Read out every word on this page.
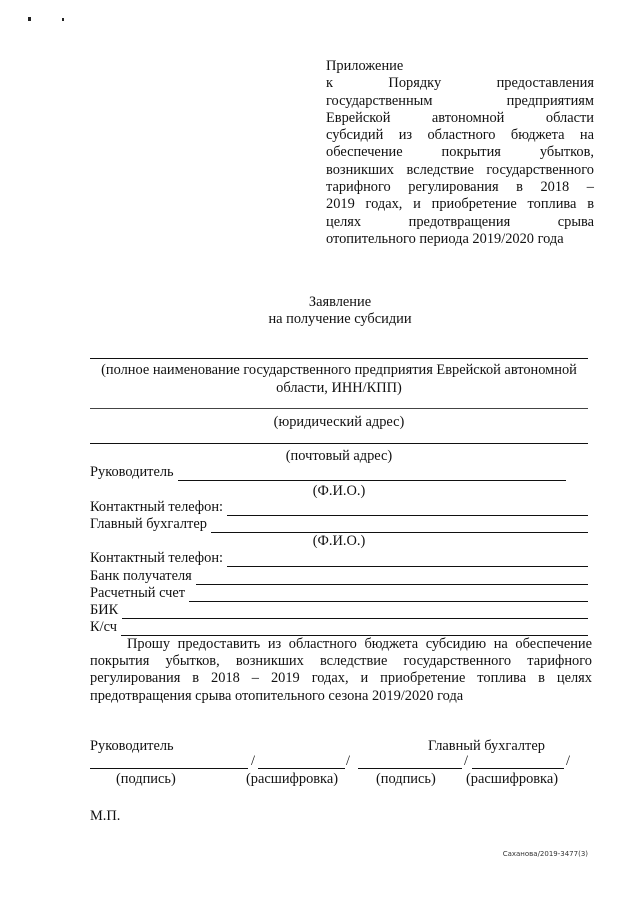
Приложение
к Порядку предоставления
государственным предприятиям
Еврейской автономной области
субсидий из областного бюджета на
обеспечение покрытия убытков,
возникших вследствие государственного
тарифного регулирования в 2018 –
2019 годах, и приобретение топлива в
целях предотвращения срыва
отопительного периода 2019/2020 года
Заявление
на получение субсидии
(полное наименование государственного предприятия Еврейской автономной
области, ИНН/КПП)
(юридический адрес)
(почтовый адрес)
Руководитель
(Ф.И.О.)
Контактный телефон:
Главный бухгалтер
(Ф.И.О.)
Контактный телефон:
Банк получателя
Расчетный счет
БИК
К/сч
Прошу предоставить из областного бюджета субсидию на обеспечение
покрытия убытков, возникших вследствие государственного тарифного
регулирования в 2018 – 2019 годах, и приобретение топлива в целях
предотвращения срыва отопительного сезона 2019/2020 года
Руководитель	Главный бухгалтер
/	/	/	/
(подпись)	(расшифровка)	(подпись) (расшифровка)
М.П.
Саханова/2019-3477(3)
